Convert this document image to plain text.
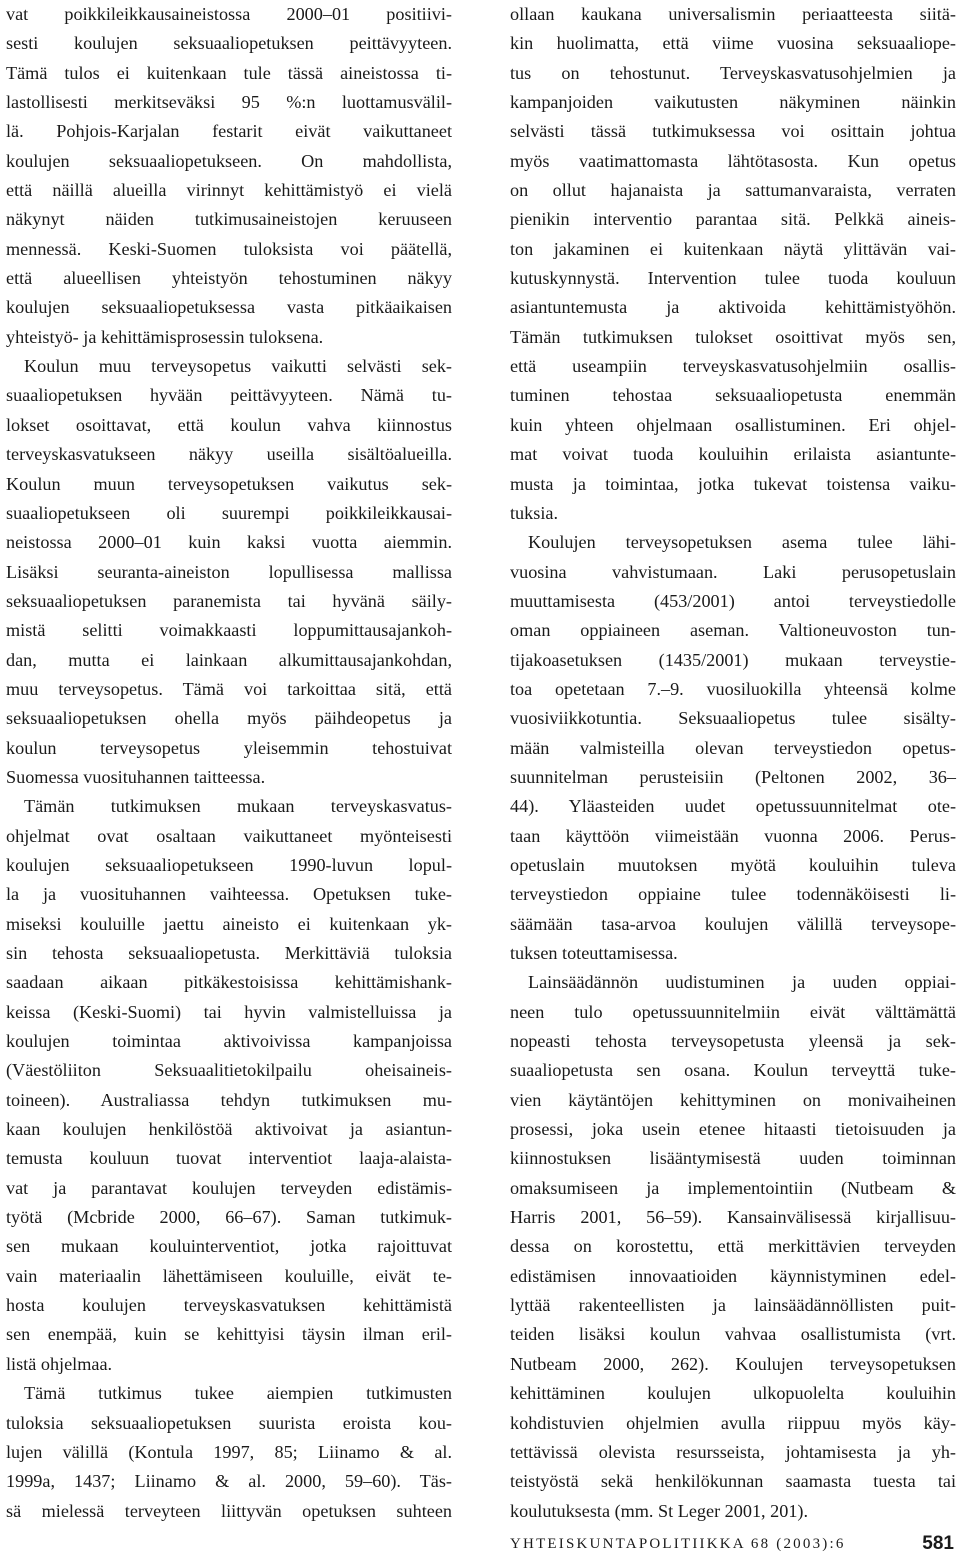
vat poikkileikkausaineistossa 2000–01 positiivi-
sesti koulujen seksuaaliopetuksen peittävyyteen.
Tämä tulos ei kuitenkaan tule tässä aineistossa ti-
lastollisesti merkitseväksi 95 %:n luottamusvälil-
lä. Pohjois-Karjalan festarit eivät vaikuttaneet
koulujen seksuaaliopetukseen. On mahdollista,
että näillä alueilla virinnyt kehittämistyö ei vielä
näkynyt näiden tutkimusaineistojen keruuseen
mennessä. Keski-Suomen tuloksista voi päätellä,
että alueellisen yhteistyön tehostuminen näkyy
koulujen seksuaaliopetuksessa vasta pitkäaikaisen
yhteistyö- ja kehittämisprosessin tuloksena.
Koulun muu terveysopetus vaikutti selvästi sek-
suaaliopetuksen hyvään peittävyyteen. Nämä tu-
lokset osoittavat, että koulun vahva kiinnostus
terveyskasvatukseen näkyy useilla sisältöalueilla.
Koulun muun terveysopetuksen vaikutus sek-
suaaliopetukseen oli suurempi poikkileikkausai-
neistossa 2000–01 kuin kaksi vuotta aiemmin.
Lisäksi seuranta-aineiston lopullisessa mallissa
seksuaaliopetuksen paranemista tai hyvänä säily-
mistä selitti voimakkaasti loppumittausajankoh-
dan, mutta ei lainkaan alkumittausajankohdan,
muu terveysopetus. Tämä voi tarkoittaa sitä, että
seksuaaliopetuksen ohella myös päihdeopetus ja
koulun terveysopetus yleisemmin tehostuivat
Suomessa vuosituhannen taitteessa.
Tämän tutkimuksen mukaan terveyskasvatus-
ohjelmat ovat osaltaan vaikuttaneet myönteisesti
koulujen seksuaaliopetukseen 1990-luvun lopul-
la ja vuosituhannen vaihteessa. Opetuksen tuke-
miseksi kouluille jaettu aineisto ei kuitenkaan yk-
sin tehosta seksuaaliopetusta. Merkittäviä tuloksia
saadaan aikaan pitkäkestoisissa kehittämishank-
keissa (Keski-Suomi) tai hyvin valmistelluissa ja
koulujen toimintaa aktivoivissa kampanjoissa
(Väestöliiton Seksuaalitietokilpailu oheisaineis-
toineen). Australiassa tehdyn tutkimuksen mu-
kaan koulujen henkilöstöä aktivoivat ja asiantun-
temusta kouluun tuovat interventiot laaja-alaista-
vat ja parantavat koulujen terveyden edistämis-
työtä (Mcbride 2000, 66–67). Saman tutkimuk-
sen mukaan kouluinterventiot, jotka rajoittuvat
vain materiaalin lähettämiseen kouluille, eivät te-
hosta koulujen terveyskasvatuksen kehittämistä
sen enempää, kuin se kehittyisi täysin ilman eril-
listä ohjelmaa.
Tämä tutkimus tukee aiempien tutkimusten
tuloksia seksuaaliopetuksen suurista eroista kou-
lujen välillä (Kontula 1997, 85; Liinamo & al.
1999a, 1437; Liinamo & al. 2000, 59–60). Täs-
sä mielessä terveyteen liittyvän opetuksen suhteen
ollaan kaukana universalismin periaatteesta siitä-
kin huolimatta, että viime vuosina seksuaaliope-
tus on tehostunut. Terveyskasvatusohjelmien ja
kampanjoiden vaikutusten näkyminen näinkin
selvästi tässä tutkimuksessa voi osittain johtua
myös vaatimattomasta lähtötasosta. Kun opetus
on ollut hajanaista ja sattumanvaraista, verraten
pienikin interventio parantaa sitä. Pelkkä aineis-
ton jakaminen ei kuitenkaan näytä ylittävän vai-
kutuskynnystä. Intervention tulee tuoda kouluun
asiantuntemusta ja aktivoida kehittämistyöhön.
Tämän tutkimuksen tulokset osoittivat myös sen,
että useampiin terveyskasvatusohjelmiin osallis-
tuminen tehostaa seksuaaliopetusta enemmän
kuin yhteen ohjelmaan osallistuminen. Eri ohjel-
mat voivat tuoda kouluihin erilaista asiantunte-
musta ja toimintaa, jotka tukevat toistensa vaiku-
tuksia.
Koulujen terveysopetuksen asema tulee lähi-
vuosina vahvistumaan. Laki perusopetuslain
muuttamisesta (453/2001) antoi terveystiedolle
oman oppiaineen aseman. Valtioneuvoston tun-
tijakoasetuksen (1435/2001) mukaan terveystie-
toa opetetaan 7.–9. vuosiluokilla yhteensä kolme
vuosiviikkotuntia. Seksuaaliopetus tulee sisälty-
mään valmisteilla olevan terveystiedon opetus-
suunnitelman perusteisiin (Peltonen 2002, 36–
44). Yläasteiden uudet opetussuunnitelmat ote-
taan käyttöön viimeistään vuonna 2006. Perus-
opetuslain muutoksen myötä kouluihin tuleva
terveystiedon oppiaine tulee todennäköisesti li-
säämään tasa-arvoa koulujen välillä terveysope-
tuksen toteuttamisessa.
Lainsäädännön uudistuminen ja uuden oppiai-
neen tulo opetussuunnitelmiin eivät välttämättä
nopeasti tehosta terveysopetusta yleensä ja sek-
suaaliopetusta sen osana. Koulun terveyttä tuke-
vien käytäntöjen kehittyminen on monivaiheinen
prosessi, joka usein etenee hitaasti tietoisuuden ja
kiinnostuksen lisääntymisestä uuden toiminnan
omaksumiseen ja implementointiin (Nutbeam &
Harris 2001, 56–59). Kansainvälisessä kirjallisuu-
dessa on korostettu, että merkittävien terveyden
edistämisen innovaatioiden käynnistyminen edel-
lyttää rakenteellisten ja lainsäädännöllisten puit-
teiden lisäksi koulun vahvaa osallistumista (vrt.
Nutbeam 2000, 262). Koulujen terveysopetuksen
kehittäminen koulujen ulkopuolelta kouluihin
kohdistuvien ohjelmien avulla riippuu myös käy-
tettävissä olevista resursseista, johtamisesta ja yh-
teistyöstä sekä henkilökunnan saamasta tuesta tai
koulutuksesta (mm. St Leger 2001, 201).
YHTEISKUNTAPOLITIIKKA 68 (2003):6	581
